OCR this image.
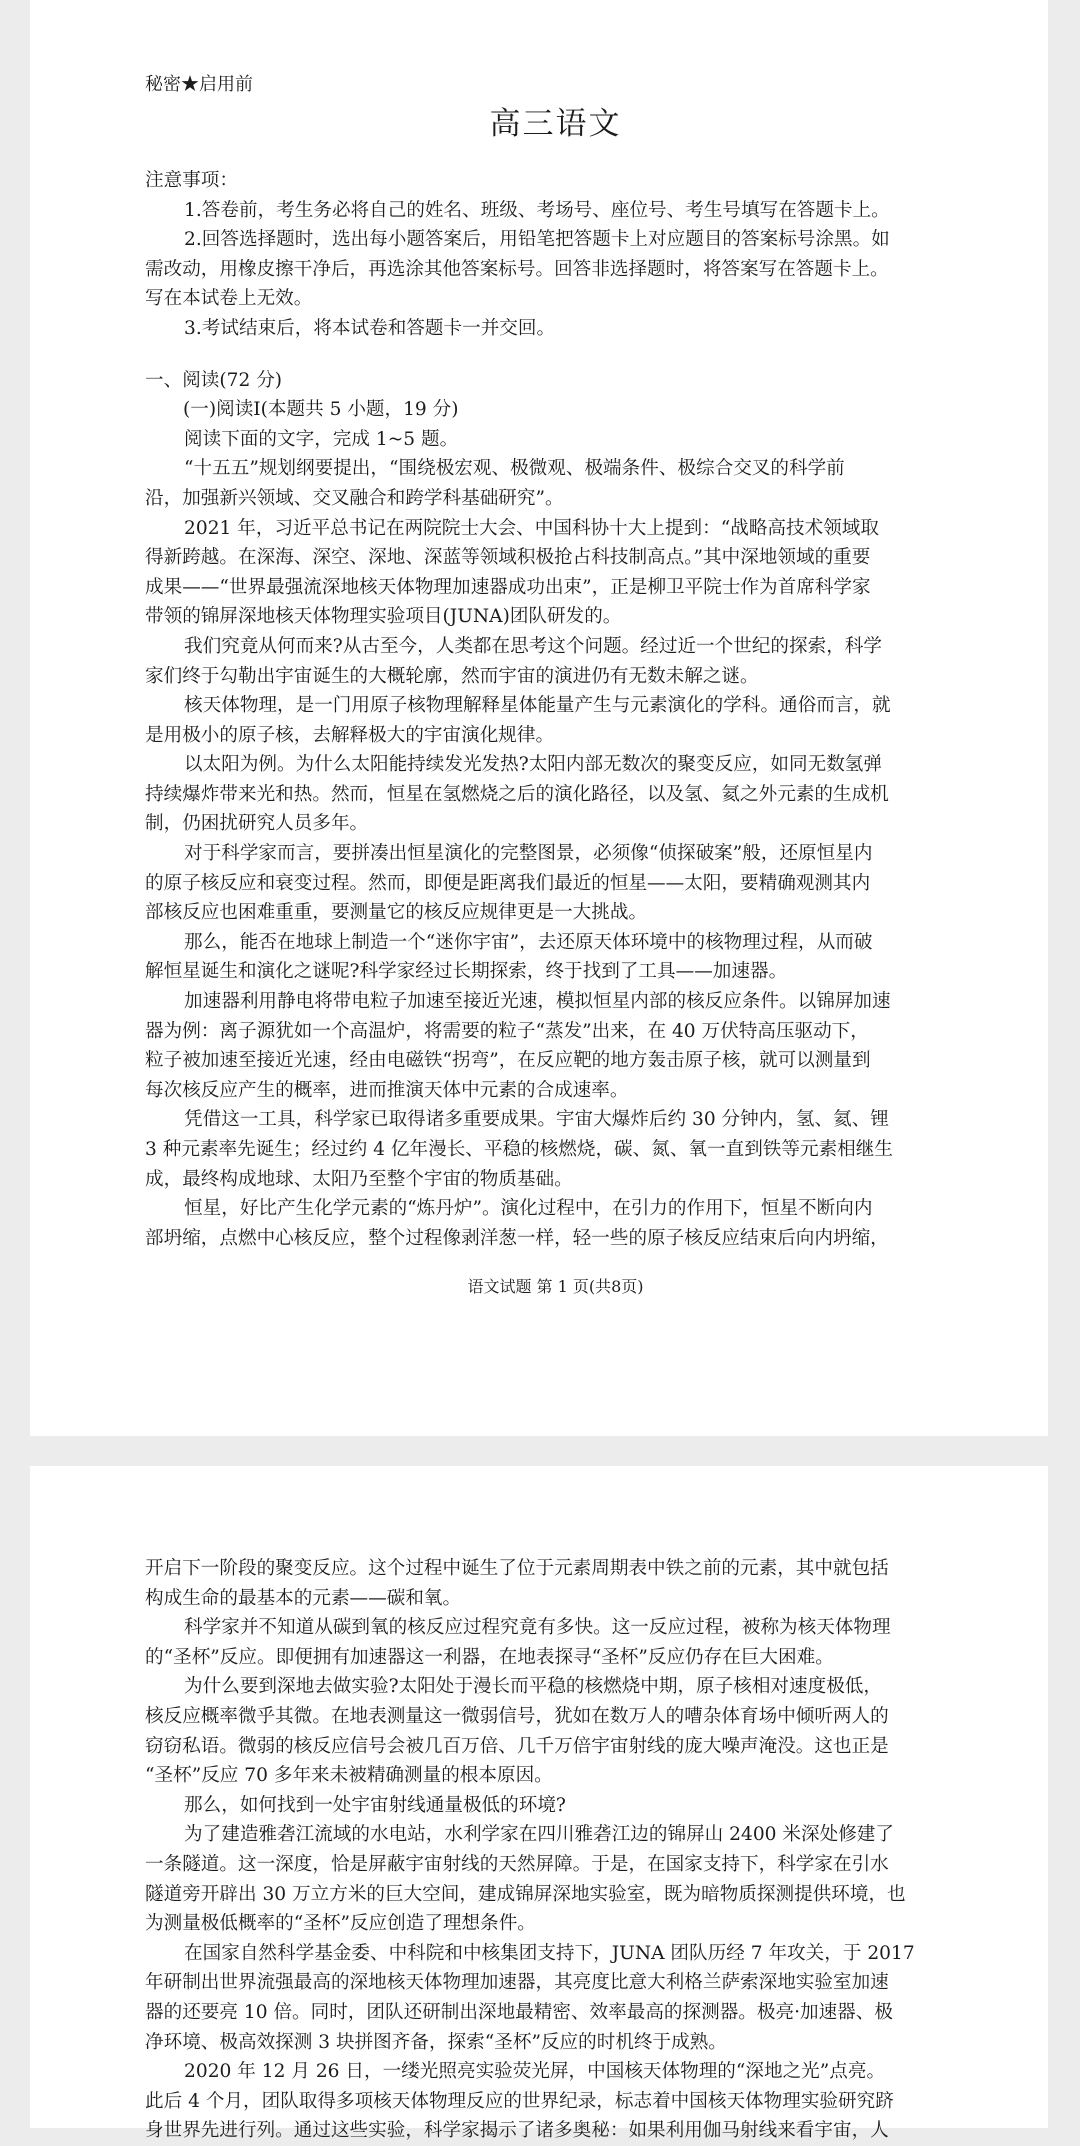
秘密★启用前

高三语文

注意事项：

1.答卷前，考生务必将自己的姓名、班级、考场号、座位号、考生号填写在答题卡上。

2.回答选择题时，选出每小题答案后，用铅笔把答题卡上对应题目的答案标号涂黑。如

需改动，用橡皮擦干净后，再选涂其他答案标号。回答非选择题时，将答案写在答题卡上。

写在本试卷上无效。

3.考试结束后，将本试卷和答题卡一并交回。

一、阅读(72 分)

(一)阅读Ⅰ(本题共 5 小题，19 分)

阅读下面的文字，完成 1~5 题。

“十五五”规划纲要提出，“围绕极宏观、极微观、极端条件、极综合交叉的科学前

沿，加强新兴领域、交叉融合和跨学科基础研究”。

2021 年，习近平总书记在两院院士大会、中国科协十大上提到：“战略高技术领域取

得新跨越。在深海、深空、深地、深蓝等领域积极抢占科技制高点。”其中深地领域的重要

成果——“世界最强流深地核天体物理加速器成功出束”，正是柳卫平院士作为首席科学家

带领的锦屏深地核天体物理实验项目(JUNA)团队研发的。

我们究竟从何而来?从古至今，人类都在思考这个问题。经过近一个世纪的探索，科学

家们终于勾勒出宇宙诞生的大概轮廓，然而宇宙的演进仍有无数未解之谜。

核天体物理，是一门用原子核物理解释星体能量产生与元素演化的学科。通俗而言，就

是用极小的原子核，去解释极大的宇宙演化规律。

以太阳为例。为什么太阳能持续发光发热?太阳内部无数次的聚变反应，如同无数氢弹

持续爆炸带来光和热。然而，恒星在氢燃烧之后的演化路径，以及氢、氦之外元素的生成机

制，仍困扰研究人员多年。

对于科学家而言，要拼凑出恒星演化的完整图景，必须像“侦探破案”般，还原恒星内

的原子核反应和衰变过程。然而，即便是距离我们最近的恒星——太阳，要精确观测其内

部核反应也困难重重，要测量它的核反应规律更是一大挑战。

那么，能否在地球上制造一个“迷你宇宙”，去还原天体环境中的核物理过程，从而破

解恒星诞生和演化之谜呢?科学家经过长期探索，终于找到了工具——加速器。

加速器利用静电将带电粒子加速至接近光速，模拟恒星内部的核反应条件。以锦屏加速

器为例：离子源犹如一个高温炉，将需要的粒子“蒸发”出来，在 40 万伏特高压驱动下，

粒子被加速至接近光速，经由电磁铁“拐弯”，在反应靶的地方轰击原子核，就可以测量到

每次核反应产生的概率，进而推演天体中元素的合成速率。

凭借这一工具，科学家已取得诸多重要成果。宇宙大爆炸后约 30 分钟内，氢、氦、锂

3 种元素率先诞生；经过约 4 亿年漫长、平稳的核燃烧，碳、氮、氧一直到铁等元素相继生

成，最终构成地球、太阳乃至整个宇宙的物质基础。

恒星，好比产生化学元素的“炼丹炉”。演化过程中，在引力的作用下，恒星不断向内

部坍缩，点燃中心核反应，整个过程像剥洋葱一样，轻一些的原子核反应结束后向内坍缩，

语文试题 第 1 页(共8页)

开启下一阶段的聚变反应。这个过程中诞生了位于元素周期表中铁之前的元素，其中就包括

构成生命的最基本的元素——碳和氧。

科学家并不知道从碳到氧的核反应过程究竟有多快。这一反应过程，被称为核天体物理

的“圣杯”反应。即便拥有加速器这一利器，在地表探寻“圣杯”反应仍存在巨大困难。

为什么要到深地去做实验?太阳处于漫长而平稳的核燃烧中期，原子核相对速度极低，

核反应概率微乎其微。在地表测量这一微弱信号，犹如在数万人的嘈杂体育场中倾听两人的

窃窃私语。微弱的核反应信号会被几百万倍、几千万倍宇宙射线的庞大噪声淹没。这也正是

“圣杯”反应 70 多年来未被精确测量的根本原因。

那么，如何找到一处宇宙射线通量极低的环境?

为了建造雅砻江流域的水电站，水利学家在四川雅砻江边的锦屏山 2400 米深处修建了

一条隧道。这一深度，恰是屏蔽宇宙射线的天然屏障。于是，在国家支持下，科学家在引水

隧道旁开辟出 30 万立方米的巨大空间，建成锦屏深地实验室，既为暗物质探测提供环境，也

为测量极低概率的“圣杯”反应创造了理想条件。

在国家自然科学基金委、中科院和中核集团支持下，JUNA 团队历经 7 年攻关，于 2017

年研制出世界流强最高的深地核天体物理加速器，其亮度比意大利格兰萨索深地实验室加速

器的还要亮 10 倍。同时，团队还研制出深地最精密、效率最高的探测器。极亮·加速器、极

净环境、极高效探测 3 块拼图齐备，探索“圣杯”反应的时机终于成熟。

2020 年 12 月 26 日，一缕光照亮实验荧光屏，中国核天体物理的“深地之光”点亮。

此后 4 个月，团队取得多项核天体物理反应的世界纪录，标志着中国核天体物理实验研究跻

身世界先进行列。通过这些实验，科学家揭示了诸多奥秘：如果利用伽马射线来看宇宙，人
